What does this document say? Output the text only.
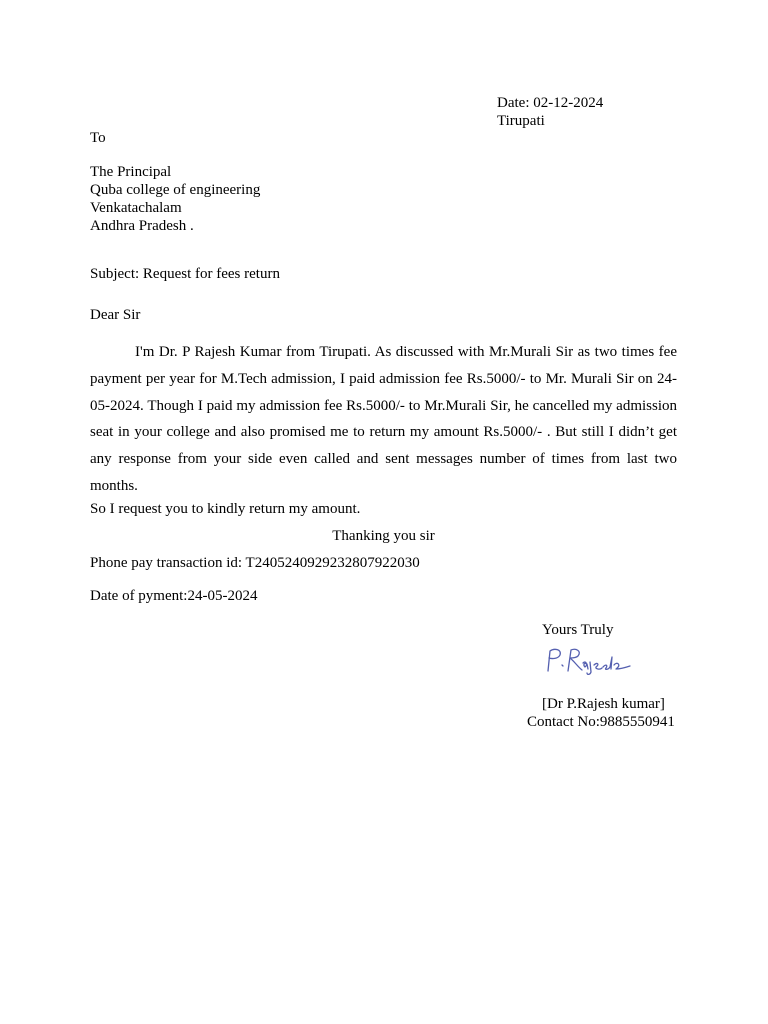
Date: 02-12-2024
Tirupati
To
The Principal
Quba college of engineering
Venkatachalam
Andhra Pradesh .
Subject: Request for fees return
Dear Sir

I'm Dr. P Rajesh Kumar from Tirupati. As discussed with Mr.Murali Sir as two times fee payment per year for M.Tech admission, I paid admission fee Rs.5000/- to Mr. Murali Sir on 24-05-2024. Though I paid my admission fee Rs.5000/- to Mr.Murali Sir, he cancelled my admission seat in your college and also promised me to return my amount Rs.5000/- . But still I didn’t get any response from your side even called and sent messages number of times from last two months.

So I request you to kindly return my amount.
Thanking you sir
Phone pay transaction id: T2405240929232807922030
Date of pyment:24-05-2024
Yours Truly
[Dr P.Rajesh kumar]
Contact No:9885550941
